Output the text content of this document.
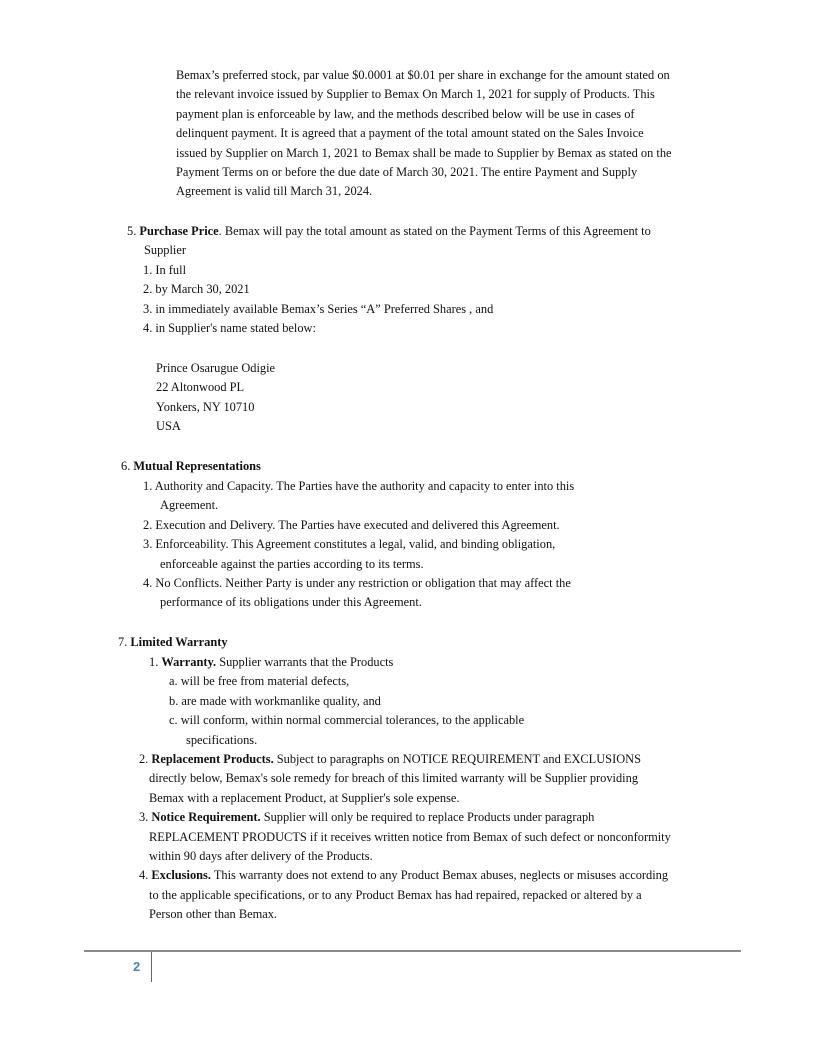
Bemax’s preferred stock, par value $0.0001 at $0.01 per share in exchange for the amount stated on
the relevant invoice issued by Supplier to Bemax On March 1, 2021 for supply of Products. This
payment plan is enforceable by law, and the methods described below will be use in cases of
delinquent payment. It is agreed that a payment of the total amount stated on the Sales Invoice
issued by Supplier on March 1, 2021 to Bemax shall be made to Supplier by Bemax as stated on the
Payment Terms on or before the due date of March 30, 2021. The entire Payment and Supply
Agreement is valid till March 31, 2024.
5. Purchase Price. Bemax will pay the total amount as stated on the Payment Terms of this Agreement to
Supplier
1. In full
2. by March 30, 2021
3. in immediately available Bemax’s Series “A” Preferred Shares , and
4. in Supplier's name stated below:
Prince Osarugue Odigie
22 Altonwood PL
Yonkers, NY 10710
USA
6. Mutual Representations
1. Authority and Capacity. The Parties have the authority and capacity to enter into this
Agreement.
2. Execution and Delivery. The Parties have executed and delivered this Agreement.
3. Enforceability. This Agreement constitutes a legal, valid, and binding obligation,
enforceable against the parties according to its terms.
4. No Conflicts. Neither Party is under any restriction or obligation that may affect the
performance of its obligations under this Agreement.
7. Limited Warranty
1. Warranty. Supplier warrants that the Products
a. will be free from material defects,
b. are made with workmanlike quality, and
c. will conform, within normal commercial tolerances, to the applicable
specifications.
2. Replacement Products. Subject to paragraphs on NOTICE REQUIREMENT and EXCLUSIONS
directly below, Bemax's sole remedy for breach of this limited warranty will be Supplier providing
Bemax with a replacement Product, at Supplier's sole expense.
3. Notice Requirement. Supplier will only be required to replace Products under paragraph
REPLACEMENT PRODUCTS if it receives written notice from Bemax of such defect or nonconformity
within 90 days after delivery of the Products.
4. Exclusions. This warranty does not extend to any Product Bemax abuses, neglects or misuses according
to the applicable specifications, or to any Product Bemax has had repaired, repacked or altered by a
Person other than Bemax.
2
